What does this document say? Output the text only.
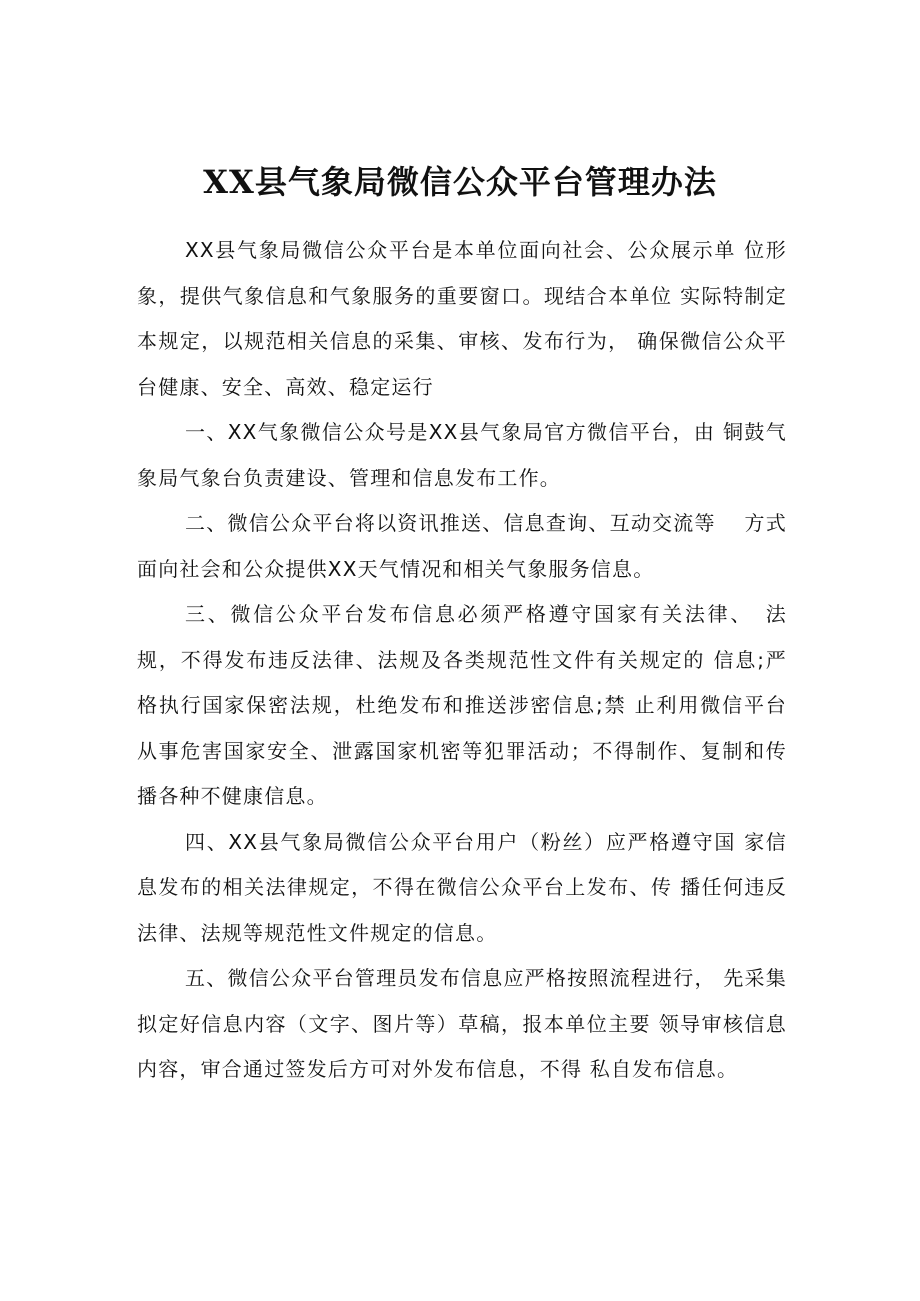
XX县气象局微信公众平台管理办法

XX县气象局微信公众平台是本单位面向社会、公众展示单 位形象，提供气象信息和气象服务的重要窗口。现结合本单位 实际特制定本规定，以规范相关信息的采集、审核、发布行为， 确保微信公众平台健康、安全、高效、稳定运行

一、XX气象微信公众号是XX县气象局官方微信平台，由 铜鼓气象局气象台负责建设、管理和信息发布工作。

二、微信公众平台将以资讯推送、信息查询、互动交流等　 方式面向社会和公众提供XX天气情况和相关气象服务信息。

三、微信公众平台发布信息必须严格遵守国家有关法律、　法规，不得发布违反法律、法规及各类规范性文件有关规定的 信息;严格执行国家保密法规，杜绝发布和推送涉密信息;禁 止利用微信平台从事危害国家安全、泄露国家机密等犯罪活动；不得制作、复制和传播各种不健康信息。

四、XX县气象局微信公众平台用户（粉丝）应严格遵守国 家信息发布的相关法律规定，不得在微信公众平台上发布、传 播任何违反法律、法规等规范性文件规定的信息。

五、微信公众平台管理员发布信息应严格按照流程进行， 先采集拟定好信息内容（文字、图片等）草稿，报本单位主要 领导审核信息内容，审合通过签发后方可对外发布信息，不得 私自发布信息。
